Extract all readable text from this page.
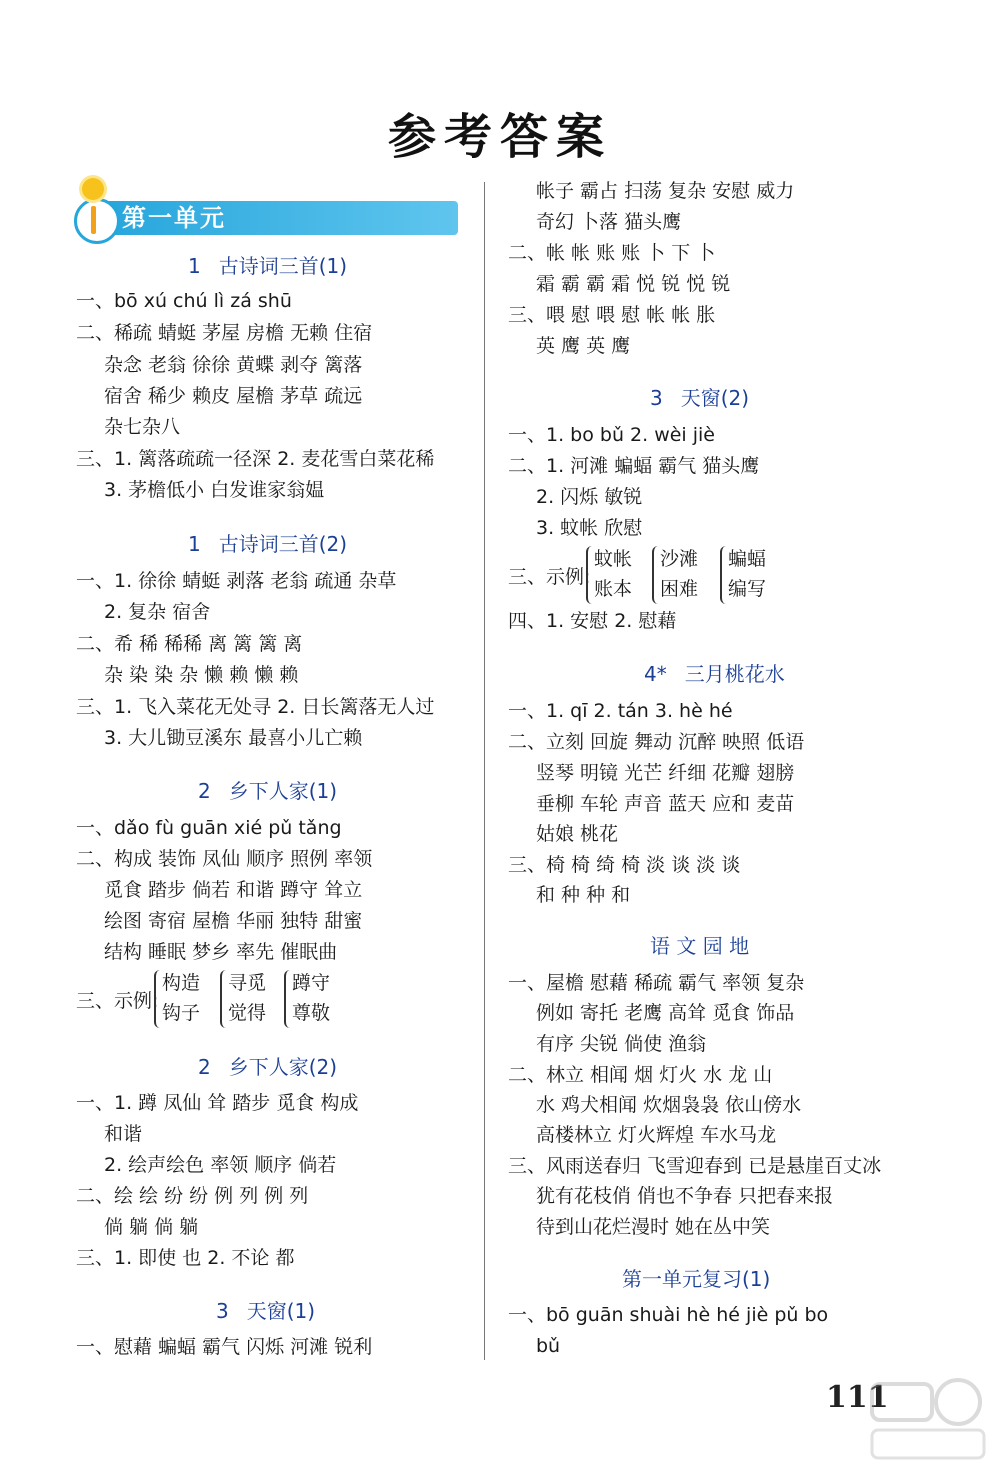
参考答案
第一单元
1 古诗词三首(1)
一、bō xú chú lì zá shū
二、稀疏 蜻蜓 茅屋 房檐 无赖 住宿
杂念 老翁 徐徐 黄蝶 剥夺 篱落
宿舍 稀少 赖皮 屋檐 茅草 疏远
杂七杂八
三、1. 篱落疏疏一径深 2. 麦花雪白菜花稀
3. 茅檐低小 白发谁家翁媪
1 古诗词三首(2)
一、1. 徐徐 蜻蜓 剥落 老翁 疏通 杂草
2. 复杂 宿舍
二、希 稀 稀稀 离 篱 篱 离
杂 染 染 杂 懒 赖 懒 赖
三、1. 飞入菜花无处寻 2. 日长篱落无人过
3. 大儿锄豆溪东 最喜小儿亡赖
2 乡下人家(1)
一、dǎo fù guān xié pǔ tǎng
二、构成 装饰 凤仙 顺序 照例 率领
觅食 踏步 倘若 和谐 蹲守 耸立
绘图 寄宿 屋檐 华丽 独特 甜蜜
结构 睡眠 梦乡 率先 催眠曲
2 乡下人家(2)
一、1. 蹲 凤仙 耸 踏步 觅食 构成
和谐
2. 绘声绘色 率领 顺序 倘若
二、绘 绘 纷 纷 例 列 例 列
倘 躺 倘 躺
三、1. 即使 也 2. 不论 都
3 天窗(1)
一、慰藉 蝙蝠 霸气 闪烁 河滩 锐利
帐子 霸占 扫荡 复杂 安慰 威力
奇幻 卜落 猫头鹰
二、帐 帐 账 账 卜 下 卜
霜 霸 霸 霜 悦 锐 悦 锐
三、喂 慰 喂 慰 帐 帐 胀
英 鹰 英 鹰
3 天窗(2)
一、1. bo bǔ 2. wèi jiè
二、1. 河滩 蝙蝠 霸气 猫头鹰
2. 闪烁 敏锐
3. 蚊帐 欣慰
四、1. 安慰 2. 慰藉
4* 三月桃花水
一、1. qī 2. tán 3. hè hé
二、立刻 回旋 舞动 沉醉 映照 低语
竖琴 明镜 光芒 纤细 花瓣 翅膀
垂柳 车轮 声音 蓝天 应和 麦苗
姑娘 桃花
三、椅 椅 绮 椅 淡 谈 淡 谈
和 种 种 和
语 文 园 地
一、屋檐 慰藉 稀疏 霸气 率领 复杂
例如 寄托 老鹰 高耸 觅食 饰品
有序 尖锐 倘使 渔翁
二、林立 相闻 烟 灯火 水 龙 山
水 鸡犬相闻 炊烟袅袅 依山傍水
高楼林立 灯火辉煌 车水马龙
三、风雨送春归 飞雪迎春到 已是悬崖百丈冰
犹有花枝俏 俏也不争春 只把春来报
待到山花烂漫时 她在丛中笑
第一单元复习(1)
一、bō guān shuài hè hé jiè pǔ bo
bǔ
三、示例:
构造
钩子
寻觅
觉得
蹲守
尊敬
三、示例:
蚊帐
账本
沙滩
困难
蝙蝠
编写
111
